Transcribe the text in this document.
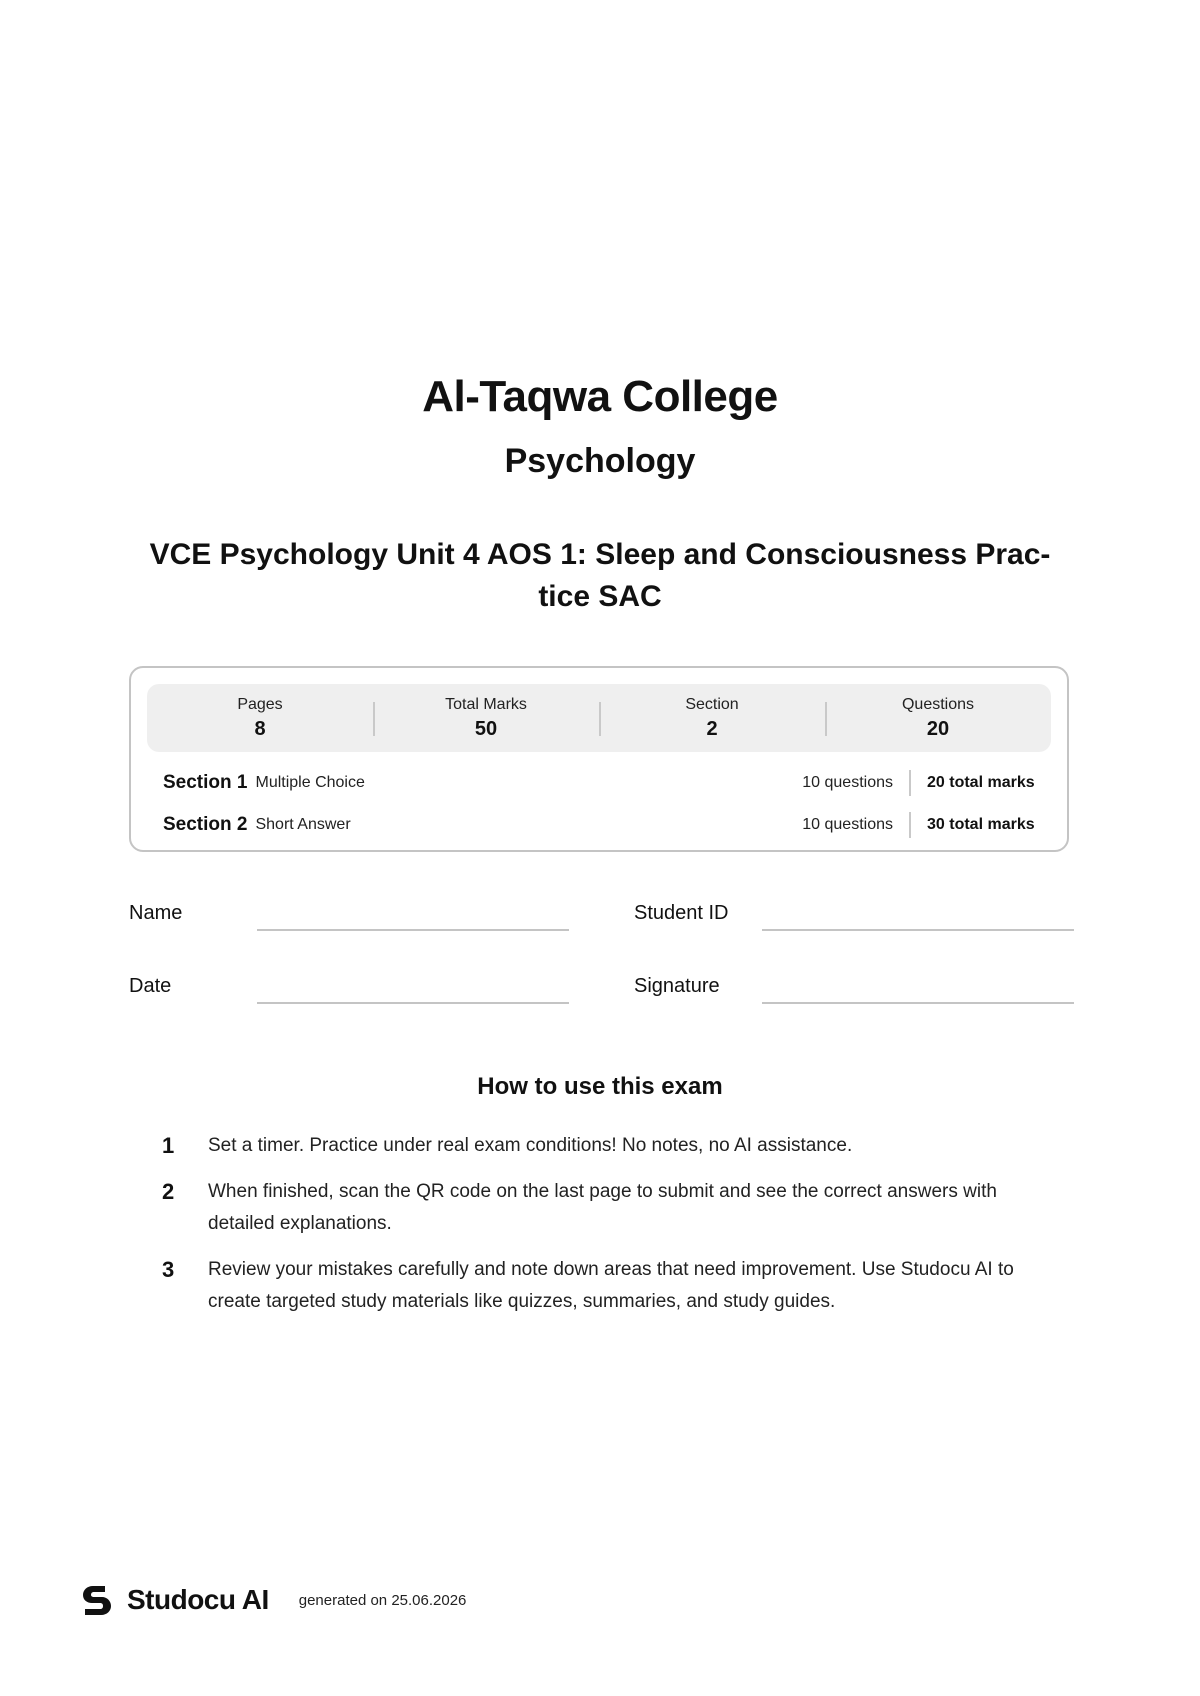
Al-Taqwa College
Psychology
VCE Psychology Unit 4 AOS 1: Sleep and Consciousness Prac-tice SAC
Pages
8
Total Marks
50
Section
2
Questions
20
Section 1 Multiple Choice	10 questions	20 total marks
Section 2 Short Answer	10 questions	30 total marks
Name	Student ID
Date	Signature
How to use this exam
1	Set a timer. Practice under real exam conditions! No notes, no AI assistance.
2	When finished, scan the QR code on the last page to submit and see the correct answers with detailed explanations.
3	Review your mistakes carefully and note down areas that need improvement. Use Studocu AI to create targeted study materials like quizzes, summaries, and study guides.
Studocu AI generated on 25.06.2026
